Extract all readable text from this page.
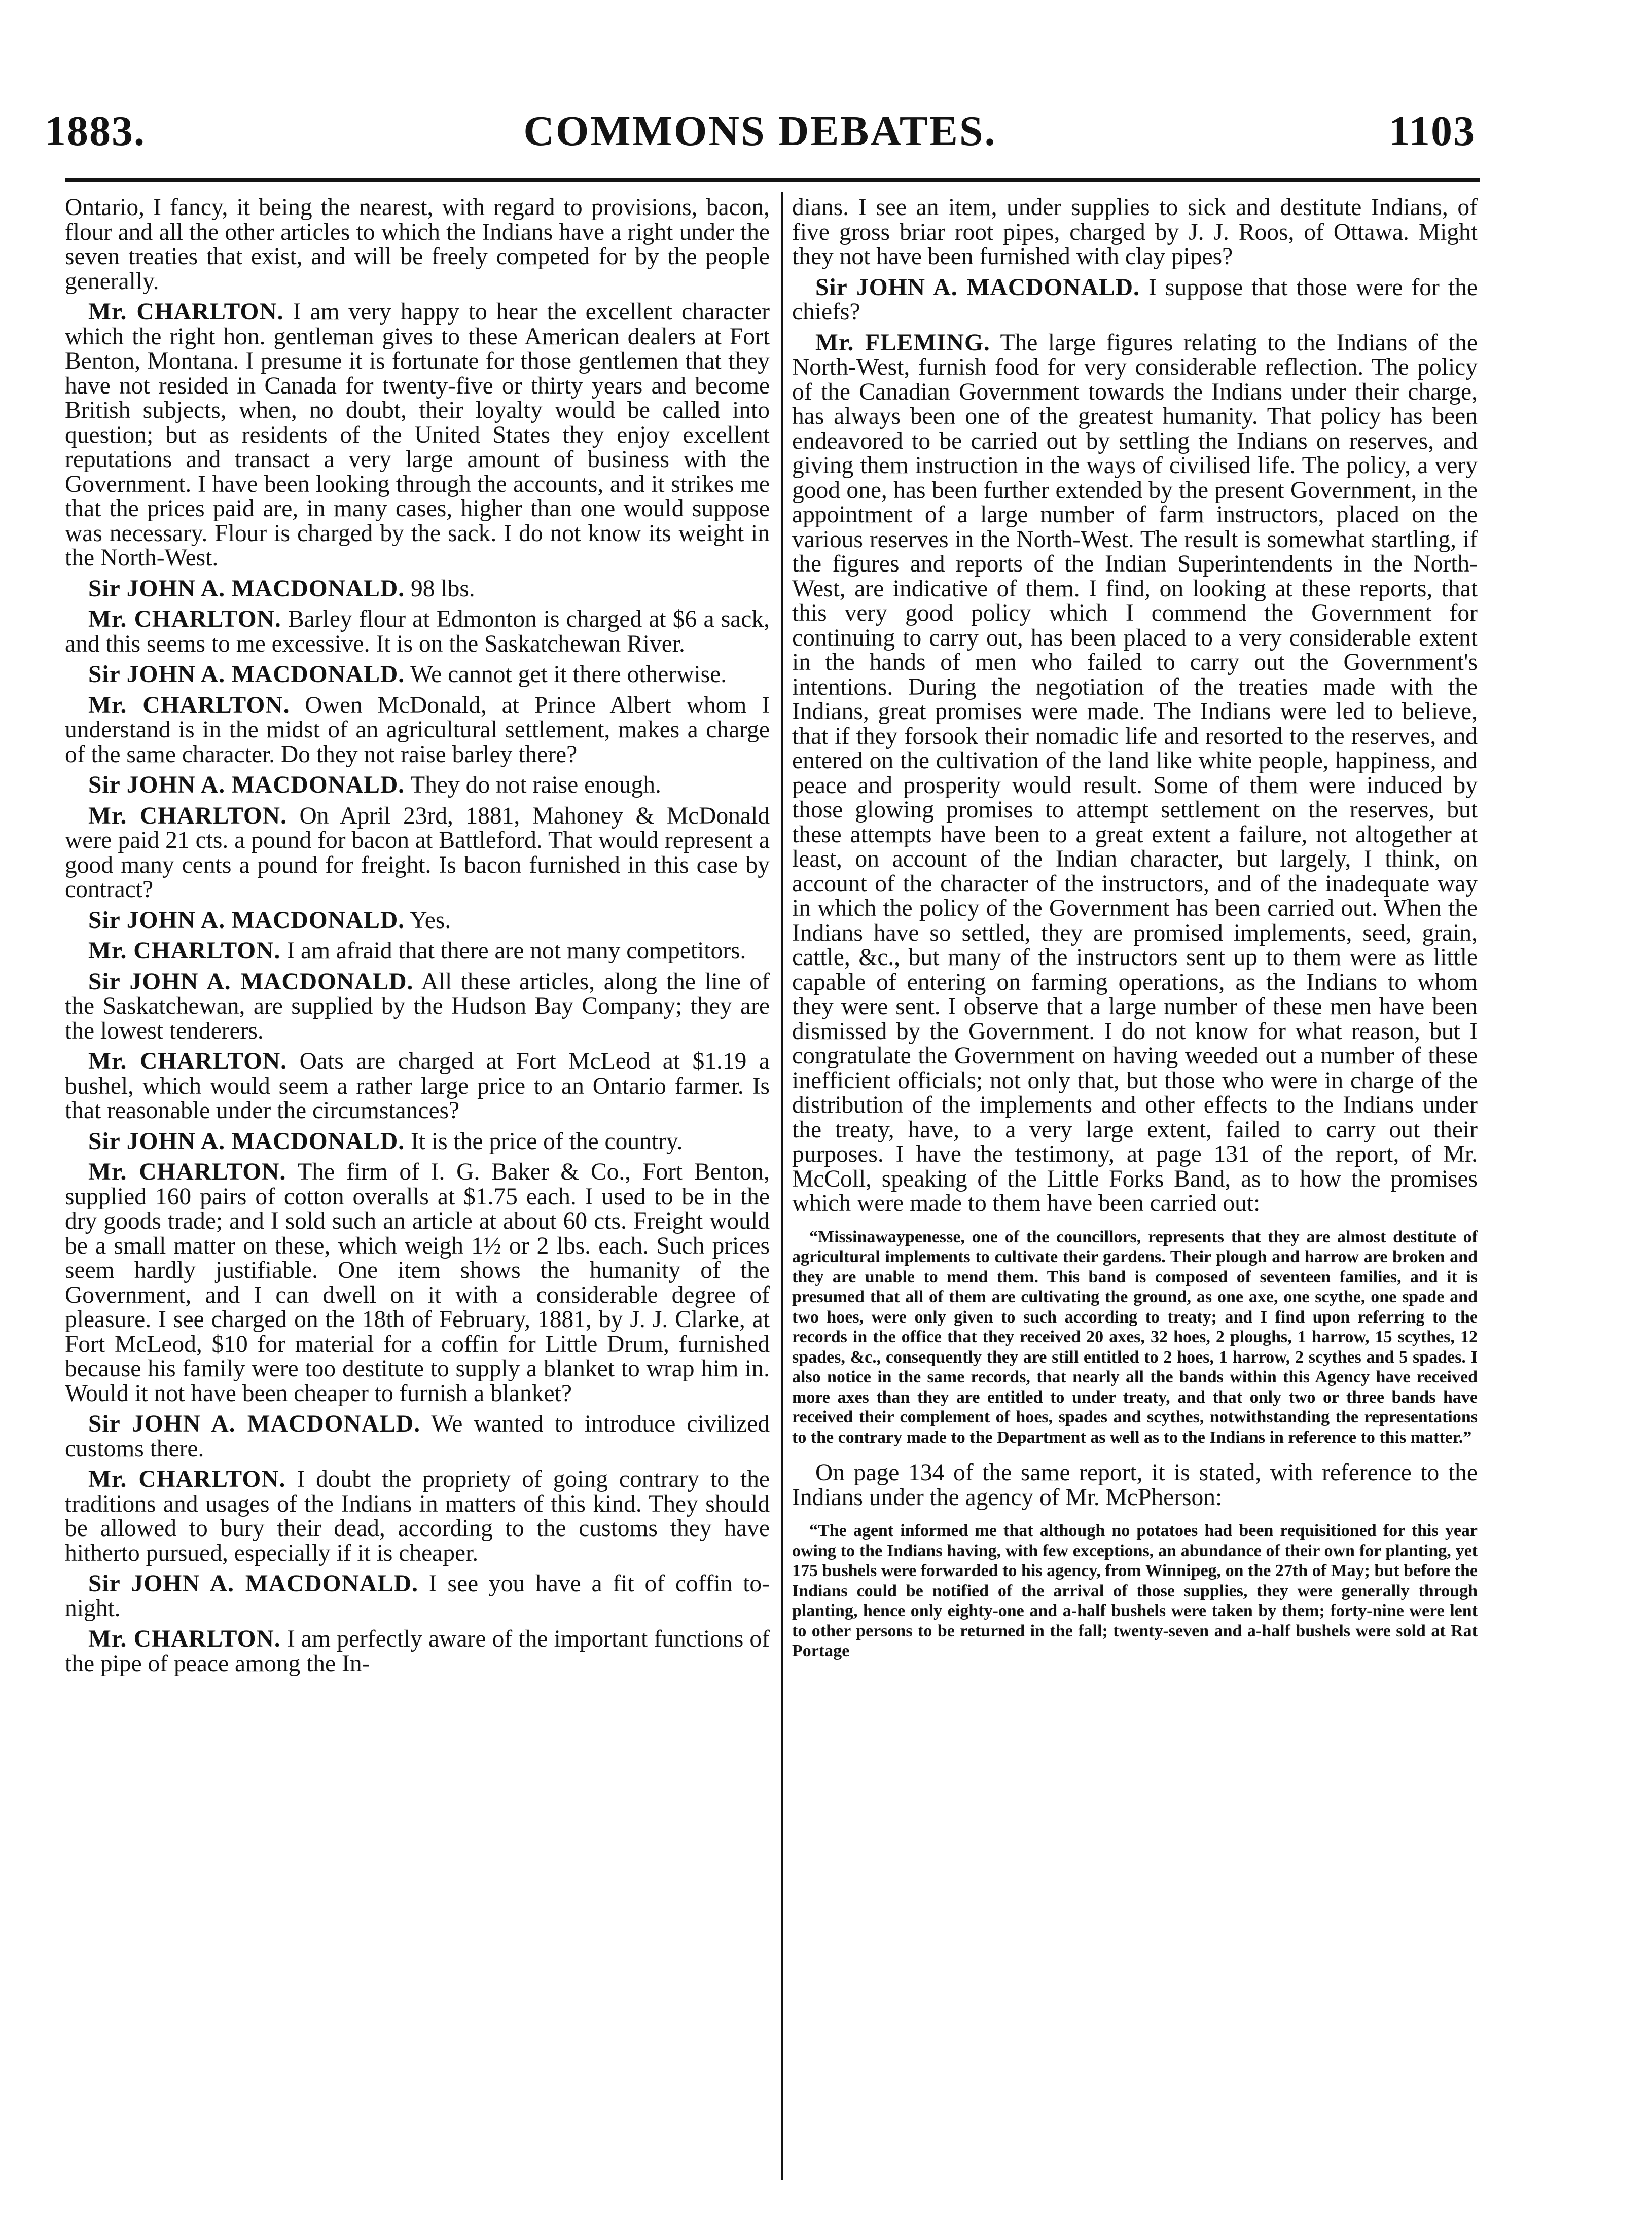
1883.	COMMONS DEBATES.	1103

Ontario, I fancy, it being the nearest, with regard to provisions, bacon, flour and all the other articles to which the Indians have a right under the seven treaties that exist, and will be freely competed for by the people generally.

Mr. CHARLTON. I am very happy to hear the excellent character which the right hon. gentleman gives to these American dealers at Fort Benton, Montana. I presume it is fortunate for those gentlemen that they have not resided in Canada for twenty-five or thirty years and become British subjects, when, no doubt, their loyalty would be called into question; but as residents of the United States they enjoy excellent reputations and transact a very large amount of business with the Government. I have been looking through the accounts, and it strikes me that the prices paid are, in many cases, higher than one would suppose was necessary. Flour is charged by the sack. I do not know its weight in the North-West.

Sir JOHN A. MACDONALD. 98 lbs.

Mr. CHARLTON. Barley flour at Edmonton is charged at $6 a sack, and this seems to me excessive. It is on the Saskatchewan River.

Sir JOHN A. MACDONALD. We cannot get it there otherwise.

Mr. CHARLTON. Owen McDonald, at Prince Albert whom I understand is in the midst of an agricultural settlement, makes a charge of the same character. Do they not raise barley there?

Sir JOHN A. MACDONALD. They do not raise enough.

Mr. CHARLTON. On April 23rd, 1881, Mahoney & McDonald were paid 21 cts. a pound for bacon at Battleford. That would represent a good many cents a pound for freight. Is bacon furnished in this case by contract?

Sir JOHN A. MACDONALD. Yes.

Mr. CHARLTON. I am afraid that there are not many competitors.

Sir JOHN A. MACDONALD. All these articles, along the line of the Saskatchewan, are supplied by the Hudson Bay Company; they are the lowest tenderers.

Mr. CHARLTON. Oats are charged at Fort McLeod at $1.19 a bushel, which would seem a rather large price to an Ontario farmer. Is that reasonable under the circumstances?

Sir JOHN A. MACDONALD. It is the price of the country.

Mr. CHARLTON. The firm of I. G. Baker & Co., Fort Benton, supplied 160 pairs of cotton overalls at $1.75 each. I used to be in the dry goods trade; and I sold such an article at about 60 cts. Freight would be a small matter on these, which weigh 1½ or 2 lbs. each. Such prices seem hardly justifiable. One item shows the humanity of the Government, and I can dwell on it with a considerable degree of pleasure. I see charged on the 18th of February, 1881, by J. J. Clarke, at Fort McLeod, $10 for material for a coffin for Little Drum, furnished because his family were too destitute to supply a blanket to wrap him in. Would it not have been cheaper to furnish a blanket?

Sir JOHN A. MACDONALD. We wanted to introduce civilized customs there.

Mr. CHARLTON. I doubt the propriety of going contrary to the traditions and usages of the Indians in matters of this kind. They should be allowed to bury their dead, according to the customs they have hitherto pursued, especially if it is cheaper.

Sir JOHN A. MACDONALD. I see you have a fit of coffin to-night.

Mr. CHARLTON. I am perfectly aware of the important functions of the pipe of peace among the In-

dians. I see an item, under supplies to sick and destitute Indians, of five gross briar root pipes, charged by J. J. Roos, of Ottawa. Might they not have been furnished with clay pipes?

Sir JOHN A. MACDONALD. I suppose that those were for the chiefs?

Mr. FLEMING. The large figures relating to the Indians of the North-West, furnish food for very considerable reflection. The policy of the Canadian Government towards the Indians under their charge, has always been one of the greatest humanity. That policy has been endeavored to be carried out by settling the Indians on reserves, and giving them instruction in the ways of civilised life. The policy, a very good one, has been further extended by the present Government, in the appointment of a large number of farm instructors, placed on the various reserves in the North-West. The result is somewhat startling, if the figures and reports of the Indian Superintendents in the North-West, are indicative of them. I find, on looking at these reports, that this very good policy which I commend the Government for continuing to carry out, has been placed to a very considerable extent in the hands of men who failed to carry out the Government's intentions. During the negotiation of the treaties made with the Indians, great promises were made. The Indians were led to believe, that if they forsook their nomadic life and resorted to the reserves, and entered on the cultivation of the land like white people, happiness, and peace and prosperity would result. Some of them were induced by those glowing promises to attempt settlement on the reserves, but these attempts have been to a great extent a failure, not altogether at least, on account of the Indian character, but largely, I think, on account of the character of the instructors, and of the inadequate way in which the policy of the Government has been carried out. When the Indians have so settled, they are promised implements, seed, grain, cattle, &c., but many of the instructors sent up to them were as little capable of entering on farming operations, as the Indians to whom they were sent. I observe that a large number of these men have been dismissed by the Government. I do not know for what reason, but I congratulate the Government on having weeded out a number of these inefficient officials; not only that, but those who were in charge of the distribution of the implements and other effects to the Indians under the treaty, have, to a very large extent, failed to carry out their purposes. I have the testimony, at page 131 of the report, of Mr. McColl, speaking of the Little Forks Band, as to how the promises which were made to them have been carried out:

“Missinawaypenesse, one of the councillors, represents that they are almost destitute of agricultural implements to cultivate their gardens. Their plough and harrow are broken and they are unable to mend them. This band is composed of seventeen families, and it is presumed that all of them are cultivating the ground, as one axe, one scythe, one spade and two hoes, were only given to such according to treaty; and I find upon referring to the records in the office that they received 20 axes, 32 hoes, 2 ploughs, 1 harrow, 15 scythes, 12 spades, &c., consequently they are still entitled to 2 hoes, 1 harrow, 2 scythes and 5 spades. I also notice in the same records, that nearly all the bands within this Agency have received more axes than they are entitled to under treaty, and that only two or three bands have received their complement of hoes, spades and scythes, notwithstanding the representations to the contrary made to the Department as well as to the Indians in reference to this matter.”

On page 134 of the same report, it is stated, with reference to the Indians under the agency of Mr. McPherson:

“The agent informed me that although no potatoes had been requisitioned for this year owing to the Indians having, with few exceptions, an abundance of their own for planting, yet 175 bushels were forwarded to his agency, from Winnipeg, on the 27th of May; but before the Indians could be notified of the arrival of those supplies, they were generally through planting, hence only eighty-one and a-half bushels were taken by them; forty-nine were lent to other persons to be returned in the fall; twenty-seven and a-half bushels were sold at Rat Portage
